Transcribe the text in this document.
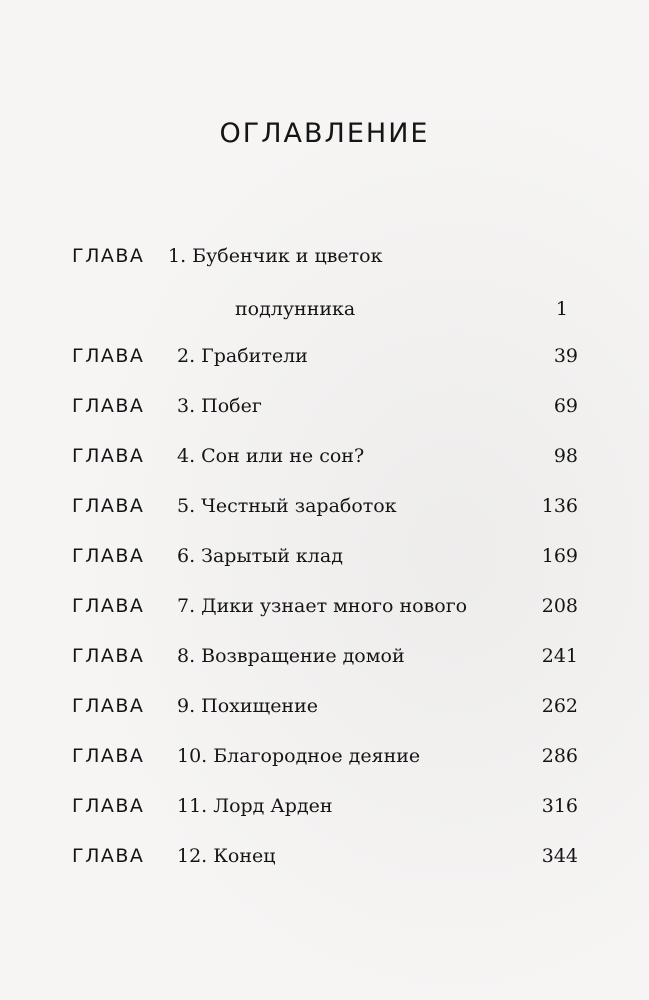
ОГЛАВЛЕНИЕ
ГЛАВА	1. Бубенчик и цветок
подлунника	1
ГЛАВА	2. Грабители	39
ГЛАВА	3. Побег	69
ГЛАВА	4. Сон или не сон?	98
ГЛАВА	5. Честный заработок	136
ГЛАВА	6. Зарытый клад	169
ГЛАВА	7. Дики узнает много нового	208
ГЛАВА	8. Возвращение домой	241
ГЛАВА	9. Похищение	262
ГЛАВА	10. Благородное деяние	286
ГЛАВА	11. Лорд Арден	316
ГЛАВА	12. Конец	344
